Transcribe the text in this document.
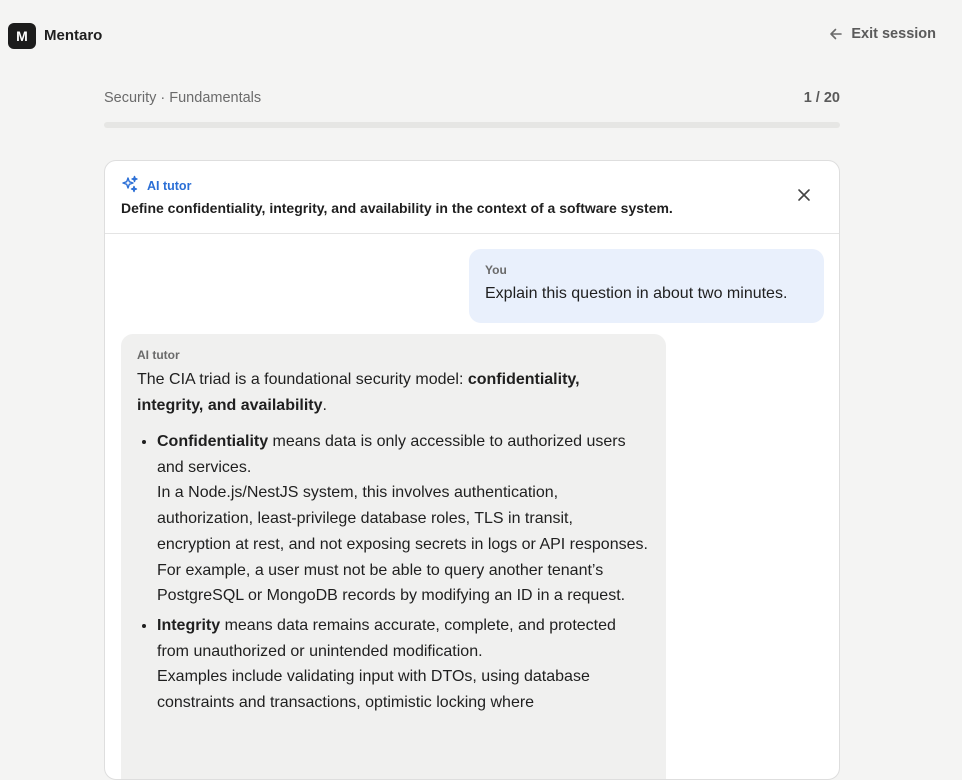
M	Mentaro	Exit session
Security · Fundamentals	1 / 20
AI tutor
Define confidentiality, integrity, and availability in the context of a software system.
You
Explain this question in about two minutes.
AI tutor
The CIA triad is a foundational security model: confidentiality, integrity, and availability.
• Confidentiality means data is only accessible to authorized users and services.
In a Node.js/NestJS system, this involves authentication, authorization, least-privilege database roles, TLS in transit, encryption at rest, and not exposing secrets in logs or API responses. For example, a user must not be able to query another tenant’s PostgreSQL or MongoDB records by modifying an ID in a request.
• Integrity means data remains accurate, complete, and protected from unauthorized or unintended modification.
Examples include validating input with DTOs, using database constraints and transactions, optimistic locking where
